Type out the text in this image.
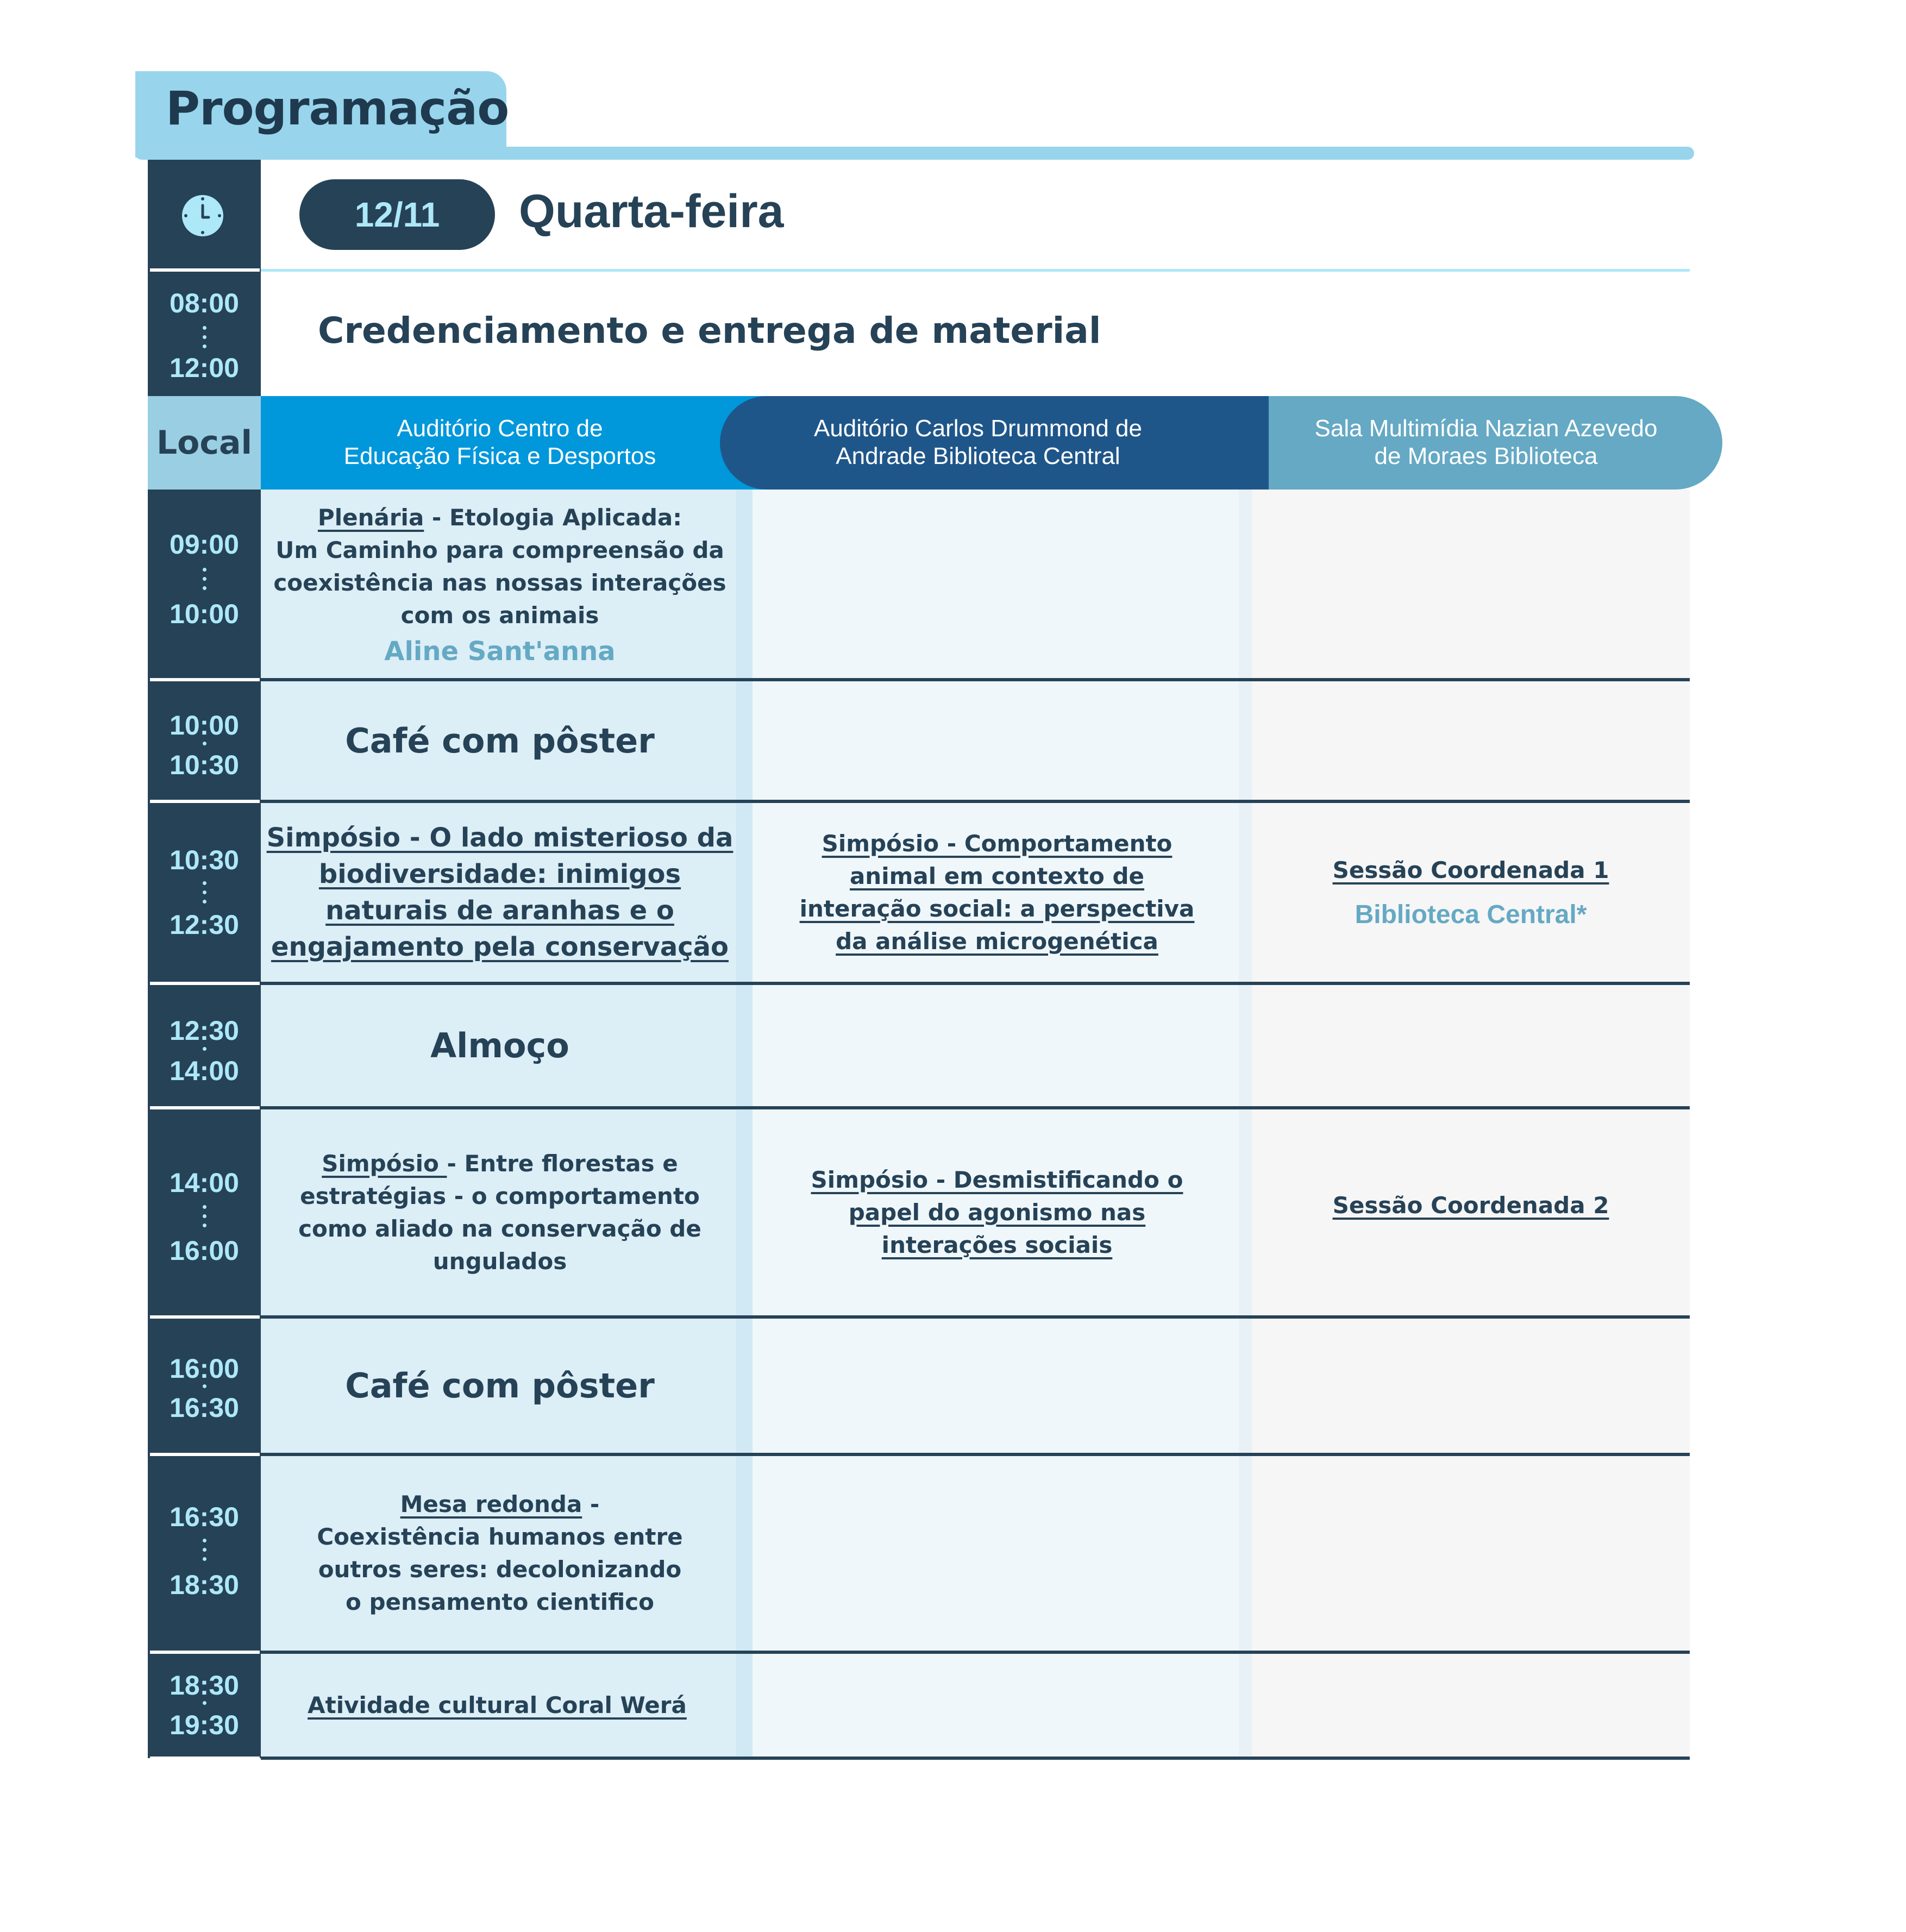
Programação
12/11	Quarta-feira
08:00
12:00
Credenciamento e entrega de material
Local	Auditório Centro de
Educação Física e Desportos
Sala Multimídia Nazian Azevedo
de Moraes Biblioteca
Auditório Carlos Drummond de
Andrade Biblioteca Central
09:00
10:00
Plenária - Etologia Aplicada:
Um Caminho para compreensão da
coexistência nas nossas interações
com os animais
Aline Sant'anna
10:00
10:30
Café com pôster
10:30
12:30
Simpósio - O lado misterioso da
biodiversidade: inimigos
naturais de aranhas e o
engajamento pela conservação
Simpósio - Comportamento
animal em contexto de
interação social: a perspectiva
da análise microgenética
Sessão Coordenada 1
Biblioteca Central*
12:30
14:00
Almoço
14:00
16:00
Simpósio - Entre florestas e
estratégias - o comportamento
como aliado na conservação de
ungulados
Simpósio - Desmistificando o
papel do agonismo nas
interações sociais
Sessão Coordenada 2
16:00
16:30
Café com pôster
16:30
18:30
Mesa redonda -
Coexistência humanos entre
outros seres: decolonizando
o pensamento cientifico
18:30
19:30
Atividade cultural Coral Werá
